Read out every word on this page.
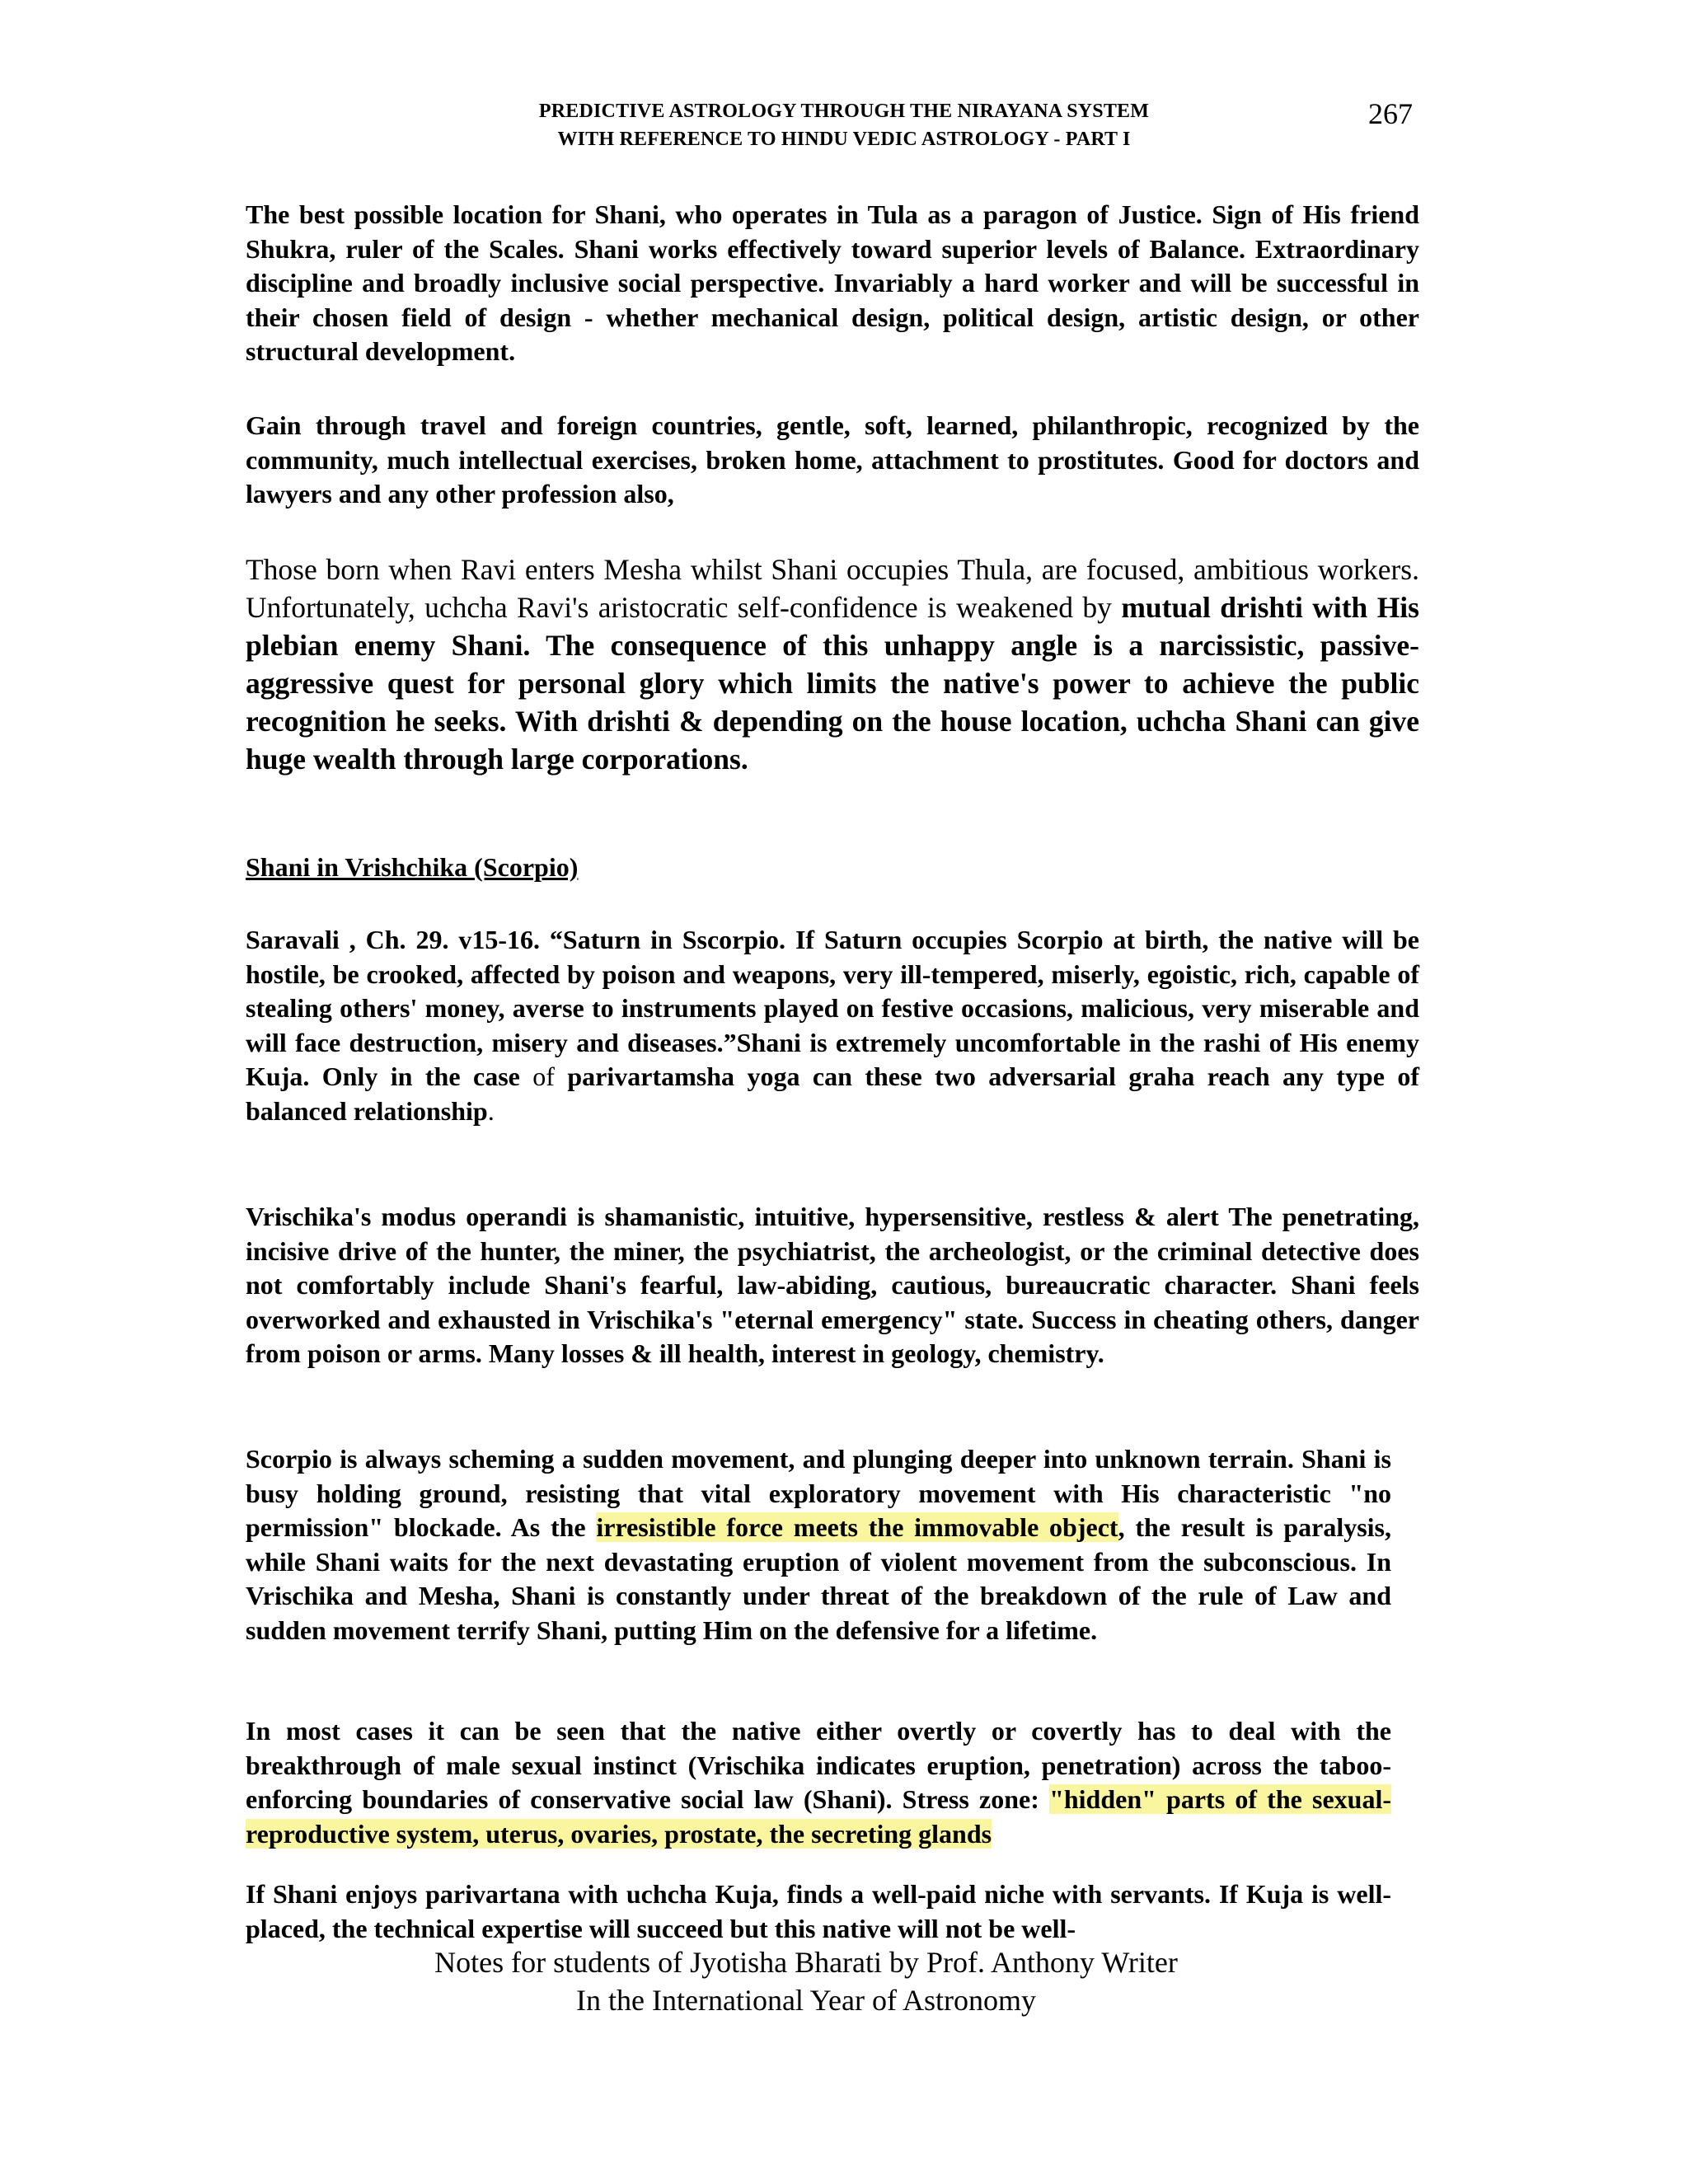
PREDICTIVE ASTROLOGY THROUGH THE NIRAYANA SYSTEM
WITH REFERENCE TO HINDU VEDIC ASTROLOGY - PART I
267
The best possible location for Shani, who operates in Tula as a paragon of Justice. Sign of His friend Shukra, ruler of the Scales. Shani works effectively toward superior levels of Balance. Extraordinary discipline and broadly inclusive social perspective. Invariably a hard worker and will be successful in their chosen field of design - whether mechanical design, political design, artistic design, or other structural development.
Gain through travel and foreign countries, gentle, soft, learned, philanthropic, recognized by the community, much intellectual exercises, broken home, attachment to prostitutes. Good for doctors and lawyers and any other profession also,
Those born when Ravi enters Mesha whilst Shani occupies Thula, are focused, ambitious workers. Unfortunately, uchcha Ravi's aristocratic self-confidence is weakened by mutual drishti with His plebian enemy Shani. The consequence of this unhappy angle is a narcissistic, passive-aggressive quest for personal glory which limits the native's power to achieve the public recognition he seeks. With drishti & depending on the house location, uchcha Shani can give huge wealth through large corporations.
Shani in Vrishchika (Scorpio)
Saravali , Ch. 29. v15-16. “Saturn in Sscorpio. If Saturn occupies Scorpio at birth, the native will be hostile, be crooked, affected by poison and weapons, very ill-tempered, miserly, egoistic, rich, capable of stealing others' money, averse to instruments played on festive occasions, malicious, very miserable and will face destruction, misery and diseases.”Shani is extremely uncomfortable in the rashi of His enemy Kuja. Only in the case of parivartamsha yoga can these two adversarial graha reach any type of balanced relationship.
Vrischika's modus operandi is shamanistic, intuitive, hypersensitive, restless & alert The penetrating, incisive drive of the hunter, the miner, the psychiatrist, the archeologist, or the criminal detective does not comfortably include Shani's fearful, law-abiding, cautious, bureaucratic character. Shani feels overworked and exhausted in Vrischika's "eternal emergency" state. Success in cheating others, danger from poison or arms. Many losses & ill health, interest in geology, chemistry.
Scorpio is always scheming a sudden movement, and plunging deeper into unknown terrain. Shani is busy holding ground, resisting that vital exploratory movement with His characteristic "no permission" blockade. As the irresistible force meets the immovable object, the result is paralysis, while Shani waits for the next devastating eruption of violent movement from the subconscious. In Vrischika and Mesha, Shani is constantly under threat of the breakdown of the rule of Law and sudden movement terrify Shani, putting Him on the defensive for a lifetime.
In most cases it can be seen that the native either overtly or covertly has to deal with the breakthrough of male sexual instinct (Vrischika indicates eruption, penetration) across the taboo-enforcing boundaries of conservative social law (Shani). Stress zone: "hidden" parts of the sexual-reproductive system, uterus, ovaries, prostate, the secreting glands
If Shani enjoys parivartana with uchcha Kuja, finds a well-paid niche with servants. If Kuja is well-placed, the technical expertise will succeed but this native will not be well-
Notes for students of Jyotisha Bharati by Prof. Anthony Writer
In the International Year of Astronomy
